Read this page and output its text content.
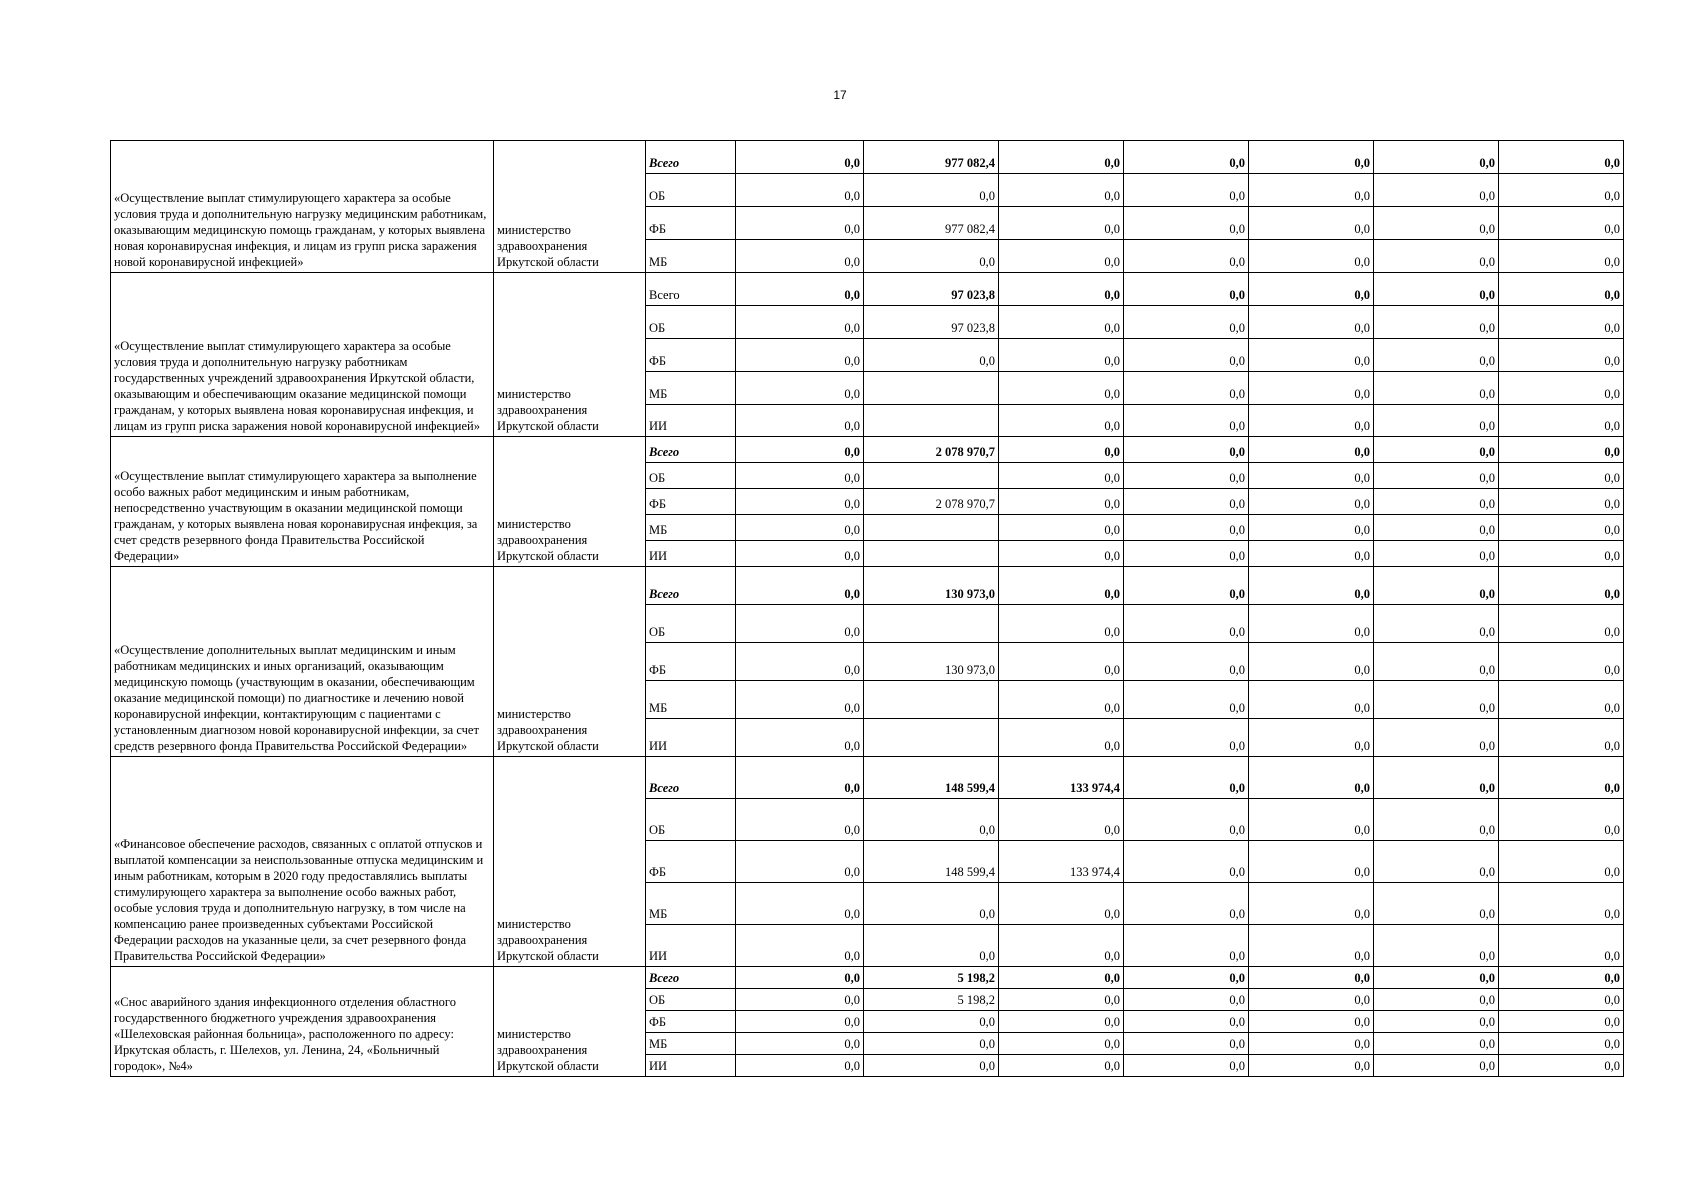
17
«Осуществление выплат стимулирующего характера за особые условия труда и дополнительную нагрузку медицинским работникам, оказывающим медицинскую помощь гражданам, у которых выявлена новая коронавирусная инфекция, и лицам из групп риска заражения новой коронавирусной инфекцией»	министерство здравоохранения Иркутской области	Всего	0,0	977 082,4	0,0	0,0	0,0	0,0	0,0
		ОБ	0,0	0,0	0,0	0,0	0,0	0,0	0,0
		ФБ	0,0	977 082,4	0,0	0,0	0,0	0,0	0,0
		МБ	0,0	0,0	0,0	0,0	0,0	0,0	0,0
«Осуществление выплат стимулирующего характера за особые условия труда и дополнительную нагрузку работникам государственных учреждений здравоохранения Иркутской области, оказывающим и обеспечивающим оказание медицинской помощи гражданам, у которых выявлена новая коронавирусная инфекция, и лицам из групп риска заражения новой коронавирусной инфекцией»	министерство здравоохранения Иркутской области	Всего	0,0	97 023,8	0,0	0,0	0,0	0,0	0,0
		ОБ	0,0	97 023,8	0,0	0,0	0,0	0,0	0,0
		ФБ	0,0	0,0	0,0	0,0	0,0	0,0	0,0
		МБ	0,0		0,0	0,0	0,0	0,0	0,0
		ИИ	0,0		0,0	0,0	0,0	0,0	0,0
«Осуществление выплат стимулирующего характера за выполнение особо важных работ медицинским и иным работникам, непосредственно участвующим в оказании медицинской помощи гражданам, у которых выявлена новая коронавирусная инфекция, за счет средств резервного фонда Правительства Российской Федерации»	министерство здравоохранения Иркутской области	Всего	0,0	2 078 970,7	0,0	0,0	0,0	0,0	0,0
		ОБ	0,0		0,0	0,0	0,0	0,0	0,0
		ФБ	0,0	2 078 970,7	0,0	0,0	0,0	0,0	0,0
		МБ	0,0		0,0	0,0	0,0	0,0	0,0
		ИИ	0,0		0,0	0,0	0,0	0,0	0,0
«Осуществление дополнительных выплат медицинским и иным работникам медицинских и иных организаций, оказывающим медицинскую помощь (участвующим в оказании, обеспечивающим оказание медицинской помощи) по диагностике и лечению новой коронавирусной инфекции, контактирующим с пациентами с установленным диагнозом новой коронавирусной инфекции, за счет средств резервного фонда Правительства Российской Федерации»	министерство здравоохранения Иркутской области	Всего	0,0	130 973,0	0,0	0,0	0,0	0,0	0,0
		ОБ	0,0		0,0	0,0	0,0	0,0	0,0
		ФБ	0,0	130 973,0	0,0	0,0	0,0	0,0	0,0
		МБ	0,0		0,0	0,0	0,0	0,0	0,0
		ИИ	0,0		0,0	0,0	0,0	0,0	0,0
«Финансовое обеспечение расходов, связанных с оплатой отпусков и выплатой компенсации за неиспользованные отпуска медицинским и иным работникам, которым в 2020 году предоставлялись выплаты стимулирующего характера за выполнение особо важных работ, особые условия труда и дополнительную нагрузку, в том числе на компенсацию ранее произведенных субъектами Российской Федерации расходов на указанные цели, за счет резервного фонда Правительства Российской Федерации»	министерство здравоохранения Иркутской области	Всего	0,0	148 599,4	133 974,4	0,0	0,0	0,0	0,0
		ОБ	0,0	0,0	0,0	0,0	0,0	0,0	0,0
		ФБ	0,0	148 599,4	133 974,4	0,0	0,0	0,0	0,0
		МБ	0,0	0,0	0,0	0,0	0,0	0,0	0,0
		ИИ	0,0	0,0	0,0	0,0	0,0	0,0	0,0
«Снос аварийного здания инфекционного отделения областного государственного бюджетного учреждения здравоохранения «Шелеховская районная больница», расположенного по адресу: Иркутская область, г. Шелехов, ул. Ленина, 24, «Больничный городок», №4»	министерство здравоохранения Иркутской области	Всего	0,0	5 198,2	0,0	0,0	0,0	0,0	0,0
		ОБ	0,0	5 198,2	0,0	0,0	0,0	0,0	0,0
		ФБ	0,0	0,0	0,0	0,0	0,0	0,0	0,0
		МБ	0,0	0,0	0,0	0,0	0,0	0,0	0,0
		ИИ	0,0	0,0	0,0	0,0	0,0	0,0	0,0
